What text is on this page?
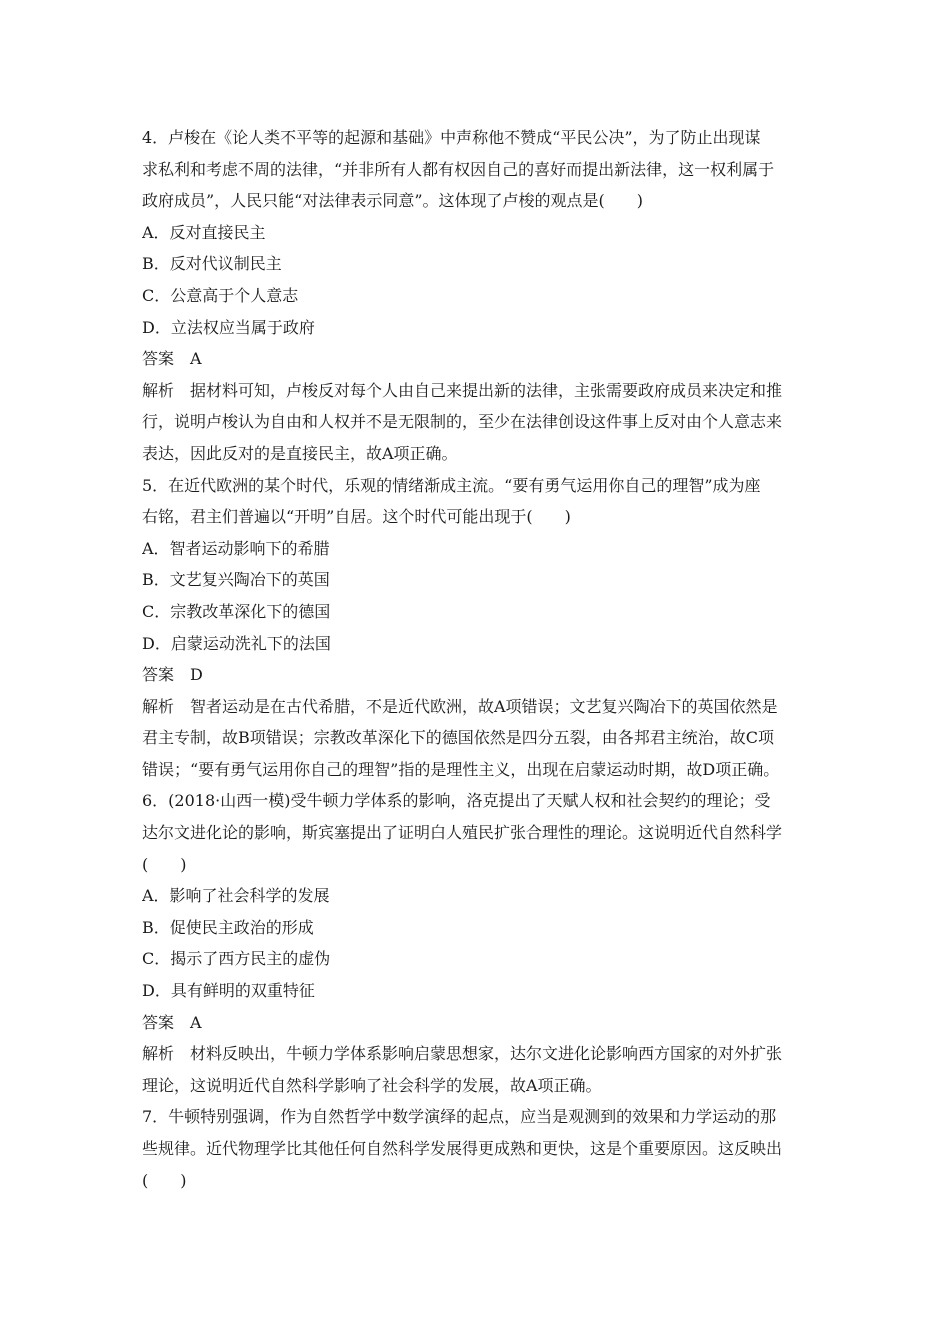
4．卢梭在《论人类不平等的起源和基础》中声称他不赞成“平民公决”，为了防止出现谋
求私利和考虑不周的法律，“并非所有人都有权因自己的喜好而提出新法律，这一权利属于
政府成员”，人民只能“对法律表示同意”。这体现了卢梭的观点是(　　)
A．反对直接民主
B．反对代议制民主
C．公意高于个人意志
D．立法权应当属于政府
答案　A
解析　据材料可知，卢梭反对每个人由自己来提出新的法律，主张需要政府成员来决定和推
行，说明卢梭认为自由和人权并不是无限制的，至少在法律创设这件事上反对由个人意志来
表达，因此反对的是直接民主，故A项正确。
5．在近代欧洲的某个时代，乐观的情绪渐成主流。“要有勇气运用你自己的理智”成为座
右铭，君主们普遍以“开明”自居。这个时代可能出现于(　　)
A．智者运动影响下的希腊
B．文艺复兴陶冶下的英国
C．宗教改革深化下的德国
D．启蒙运动洗礼下的法国
答案　D
解析　智者运动是在古代希腊，不是近代欧洲，故A项错误；文艺复兴陶冶下的英国依然是
君主专制，故B项错误；宗教改革深化下的德国依然是四分五裂，由各邦君主统治，故C项
错误；“要有勇气运用你自己的理智”指的是理性主义，出现在启蒙运动时期，故D项正确。
6．(2018·山西一模)受牛顿力学体系的影响，洛克提出了天赋人权和社会契约的理论；受
达尔文进化论的影响，斯宾塞提出了证明白人殖民扩张合理性的理论。这说明近代自然科学
(　　)
A．影响了社会科学的发展
B．促使民主政治的形成
C．揭示了西方民主的虚伪
D．具有鲜明的双重特征
答案　A
解析　材料反映出，牛顿力学体系影响启蒙思想家，达尔文进化论影响西方国家的对外扩张
理论，这说明近代自然科学影响了社会科学的发展，故A项正确。
7．牛顿特别强调，作为自然哲学中数学演绎的起点，应当是观测到的效果和力学运动的那
些规律。近代物理学比其他任何自然科学发展得更成熟和更快，这是个重要原因。这反映出
(　　)
